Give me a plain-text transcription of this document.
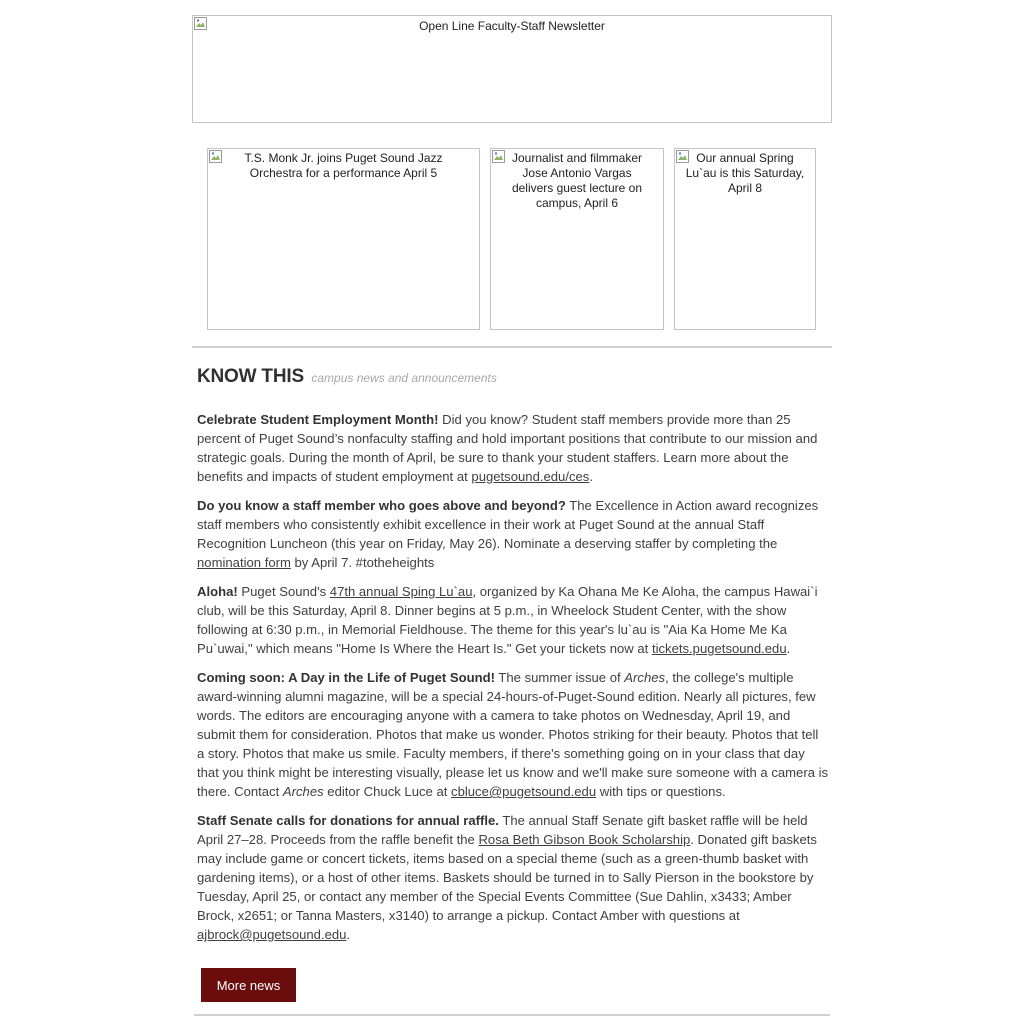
Open Line Faculty-Staff Newsletter
T.S. Monk Jr. joins Puget Sound Jazz Orchestra for a performance April 5
Journalist and filmmaker Jose Antonio Vargas delivers guest lecture on campus, April 6
Our annual Spring Lu`au is this Saturday, April 8
KNOW THIS campus news and announcements

Celebrate Student Employment Month! Did you know? Student staff members provide more than 25 percent of Puget Sound’s nonfaculty staffing and hold important positions that contribute to our mission and strategic goals. During the month of April, be sure to thank your student staffers. Learn more about the benefits and impacts of student employment at pugetsound.edu/ces.

Do you know a staff member who goes above and beyond? The Excellence in Action award recognizes staff members who consistently exhibit excellence in their work at Puget Sound at the annual Staff Recognition Luncheon (this year on Friday, May 26). Nominate a deserving staffer by completing the nomination form by April 7. #totheheights

Aloha! Puget Sound's 47th annual Sping Lu`au, organized by Ka Ohana Me Ke Aloha, the campus Hawai`i club, will be this Saturday, April 8. Dinner begins at 5 p.m., in Wheelock Student Center, with the show following at 6:30 p.m., in Memorial Fieldhouse. The theme for this year's lu`au is "Aia Ka Home Me Ka Pu`uwai," which means "Home Is Where the Heart Is." Get your tickets now at tickets.pugetsound.edu.

Coming soon: A Day in the Life of Puget Sound! The summer issue of Arches, the college's multiple award-winning alumni magazine, will be a special 24-hours-of-Puget-Sound edition. Nearly all pictures, few words. The editors are encouraging anyone with a camera to take photos on Wednesday, April 19, and submit them for consideration. Photos that make us wonder. Photos striking for their beauty. Photos that tell a story. Photos that make us smile. Faculty members, if there's something going on in your class that day that you think might be interesting visually, please let us know and we'll make sure someone with a camera is there. Contact Arches editor Chuck Luce at cbluce@pugetsound.edu with tips or questions.

Staff Senate calls for donations for annual raffle. The annual Staff Senate gift basket raffle will be held April 27–28. Proceeds from the raffle benefit the Rosa Beth Gibson Book Scholarship. Donated gift baskets may include game or concert tickets, items based on a special theme (such as a green-thumb basket with gardening items), or a host of other items. Baskets should be turned in to Sally Pierson in the bookstore by Tuesday, April 25, or contact any member of the Special Events Committee (Sue Dahlin, x3433; Amber Brock, x2651; or Tanna Masters, x3140) to arrange a pickup. Contact Amber with questions at ajbrock@pugetsound.edu.

More news
